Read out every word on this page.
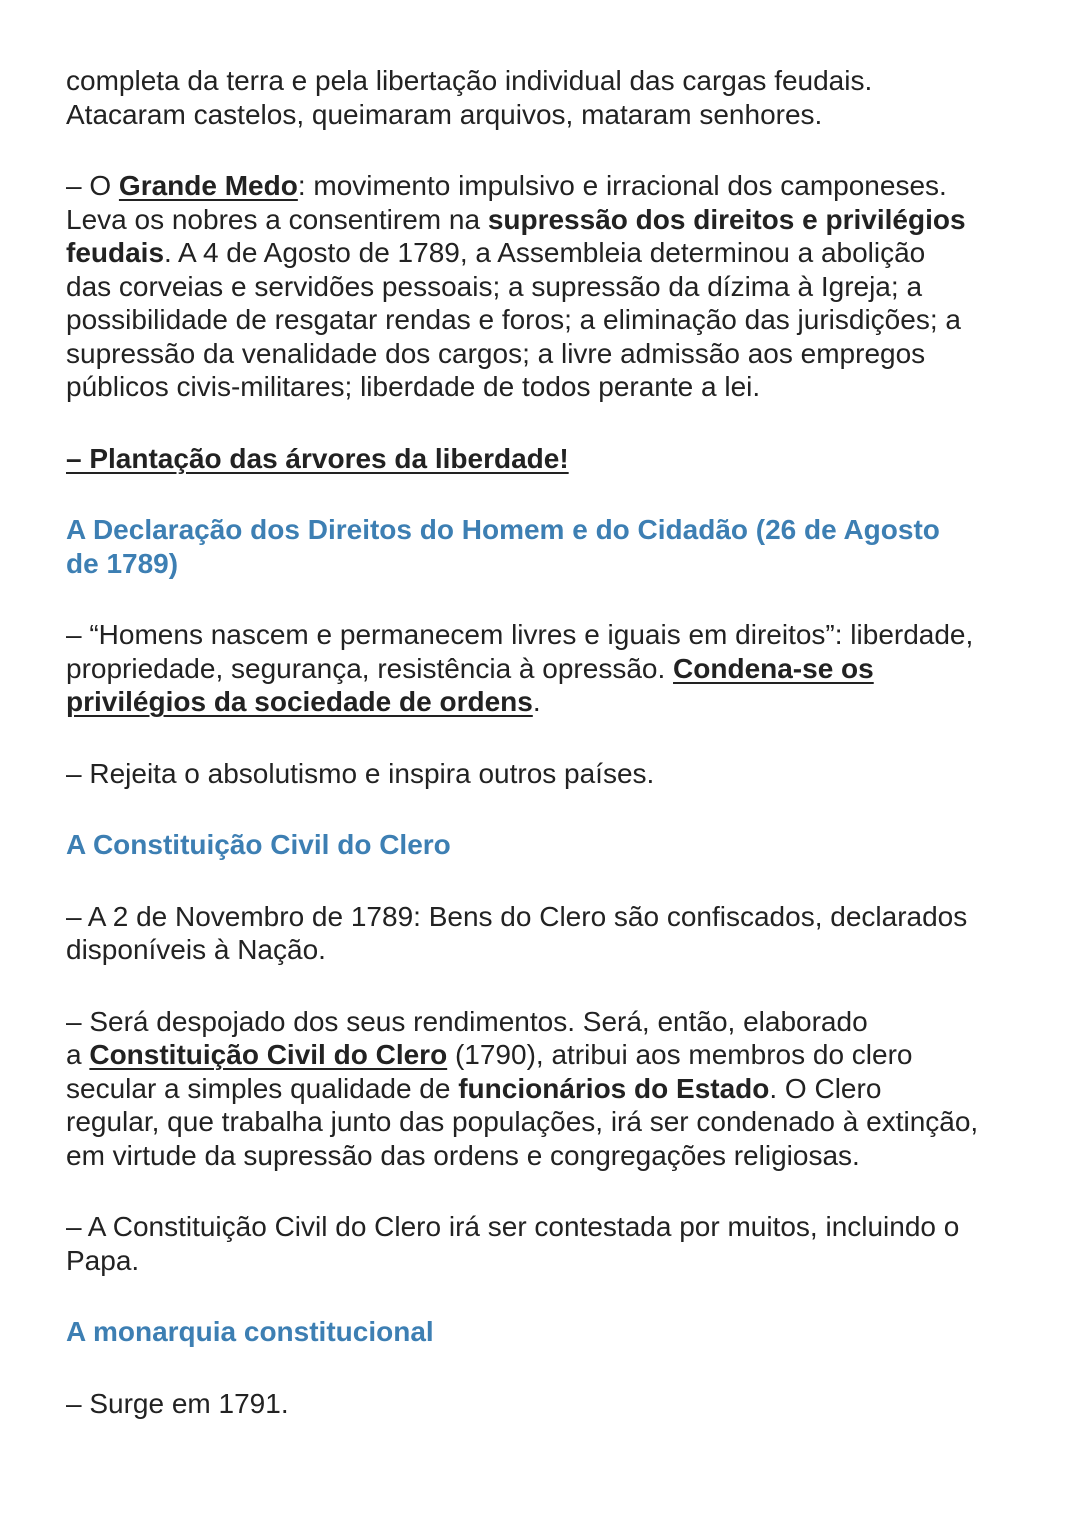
completa da terra e pela libertação individual das cargas feudais.
Atacaram castelos, queimaram arquivos, mataram senhores.

– O Grande Medo: movimento impulsivo e irracional dos camponeses.
Leva os nobres a consentirem na supressão dos direitos e privilégios
feudais. A 4 de Agosto de 1789, a Assembleia determinou a abolição
das corveias e servidões pessoais; a supressão da dízima à Igreja; a
possibilidade de resgatar rendas e foros; a eliminação das jurisdições; a
supressão da venalidade dos cargos; a livre admissão aos empregos
públicos civis-militares; liberdade de todos perante a lei.

– Plantação das árvores da liberdade!

A Declaração dos Direitos do Homem e do Cidadão (26 de Agosto
de 1789)

– “Homens nascem e permanecem livres e iguais em direitos”: liberdade,
propriedade, segurança, resistência à opressão. Condena-se os
privilégios da sociedade de ordens.

– Rejeita o absolutismo e inspira outros países.

A Constituição Civil do Clero

– A 2 de Novembro de 1789: Bens do Clero são confiscados, declarados
disponíveis à Nação.

– Será despojado dos seus rendimentos. Será, então, elaborado
a Constituição Civil do Clero (1790), atribui aos membros do clero
secular a simples qualidade de funcionários do Estado. O Clero
regular, que trabalha junto das populações, irá ser condenado à extinção,
em virtude da supressão das ordens e congregações religiosas.

– A Constituição Civil do Clero irá ser contestada por muitos, incluindo o
Papa.

A monarquia constitucional

– Surge em 1791.
